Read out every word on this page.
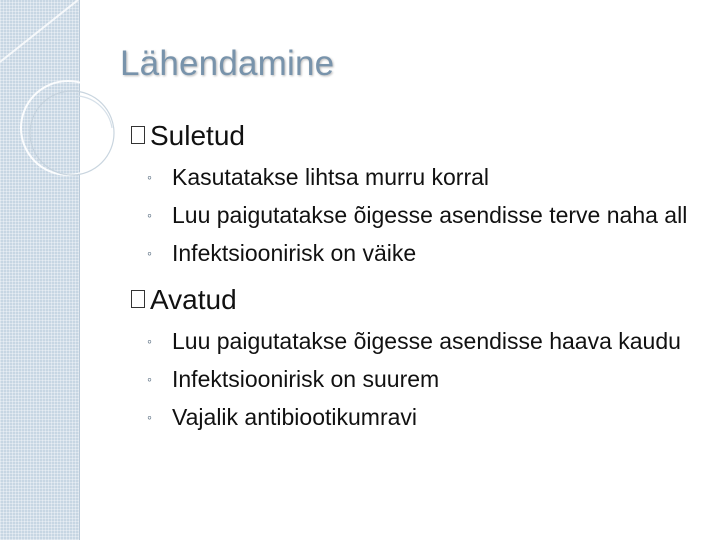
Lähendamine
Suletud
◦ Kasutatakse lihtsa murru korral
◦ Luu paigutatakse õigesse asendisse terve naha all
◦ Infektsioonirisk on väike
Avatud
◦ Luu paigutatakse õigesse asendisse haava kaudu
◦ Infektsioonirisk on suurem
◦ Vajalik antibiootikumravi
